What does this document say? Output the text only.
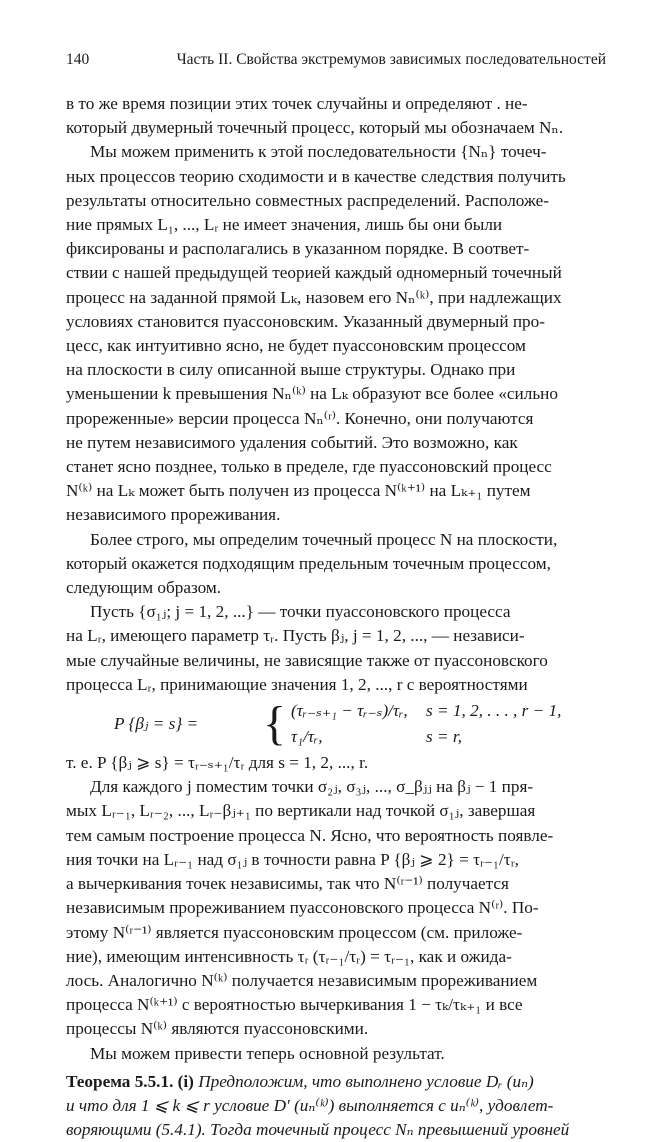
140	Часть II. Свойства экстремумов зависимых последовательностей
в то же время позиции этих точек случайны и определяют . не-
который двумерный точечный процесс, который мы обозначаем Nₙ.
Мы можем применить к этой последовательности {Nₙ} точеч-
ных процессов теорию сходимости и в качестве следствия получить
результаты относительно совместных распределений. Расположе-
ние прямых L₁, ..., Lᵣ не имеет значения, лишь бы они были
фиксированы и располагались в указанном порядке. В соответ-
ствии с нашей предыдущей теорией каждый одномерный точечный
процесс на заданной прямой Lₖ, назовем его Nₙ⁽ᵏ⁾, при надлежащих
условиях становится пуассоновским. Указанный двумерный про-
цесс, как интуитивно ясно, не будет пуассоновским процессом
на плоскости в силу описанной выше структуры. Однако при
уменьшении k превышения Nₙ⁽ᵏ⁾ на Lₖ образуют все более «сильно
прореженные» версии процесса Nₙ⁽ʳ⁾. Конечно, они получаются
не путем независимого удаления событий. Это возможно, как
станет ясно позднее, только в пределе, где пуассоновский процесс
N⁽ᵏ⁾ на Lₖ может быть получен из процесса N⁽ᵏ⁺¹⁾ на Lₖ₊₁ путем
независимого прореживания.
Более строго, мы определим точечный процесс N на плоскости,
который окажется подходящим предельным точечным процессом,
следующим образом.
Пусть {σ₁ⱼ; j = 1, 2, ...} — точки пуассоновского процесса
на Lᵣ, имеющего параметр τᵣ. Пусть βⱼ, j = 1, 2, ..., — независи-
мые случайные величины, не зависящие также от пуассоновского
процесса Lᵣ, принимающие значения 1, 2, ..., r с вероятностями
P {βⱼ = s} = { (τᵣ₋ₛ₊₁ − τᵣ₋ₛ)/τᵣ, s = 1, 2, . . . , r − 1,
τ₁/τᵣ,	s = r,
т. е. P {βⱼ ⩾ s} = τᵣ₋ₛ₊₁/τᵣ для s = 1, 2, ..., r.
Для каждого j поместим точки σ₂ⱼ, σ₃ⱼ, ..., σ_βⱼⱼ на βⱼ − 1 пря-
мых Lᵣ₋₁, Lᵣ₋₂, ..., Lᵣ₋βⱼ₊₁ по вертикали над точкой σ₁ⱼ, завершая
тем самым построение процесса N. Ясно, что вероятность появле-
ния точки на Lᵣ₋₁ над σ₁ⱼ в точности равна P {βⱼ ⩾ 2} = τᵣ₋₁/τᵣ,
а вычеркивания точек независимы, так что N⁽ʳ⁻¹⁾ получается
независимым прореживанием пуассоновского процесса N⁽ʳ⁾. По-
этому N⁽ʳ⁻¹⁾ является пуассоновским процессом (см. приложе-
ние), имеющим интенсивность τᵣ (τᵣ₋₁/τᵣ) = τᵣ₋₁, как и ожида-
лось. Аналогично N⁽ᵏ⁾ получается независимым прореживанием
процесса N⁽ᵏ⁺¹⁾ с вероятностью вычеркивания 1 − τₖ/τₖ₊₁ и все
процессы N⁽ᵏ⁾ являются пуассоновскими.
Мы можем привести теперь основной результат.
Теорема 5.5.1. (i) Предположим, что выполнено условие Dᵣ (uₙ)
и что для 1 ⩽ k ⩽ r условие D′ (uₙ⁽ᵏ⁾) выполняется с uₙ⁽ᵏ⁾, удовлет-
воряющими (5.4.1). Тогда точечный процесс Nₙ превышений уровней
